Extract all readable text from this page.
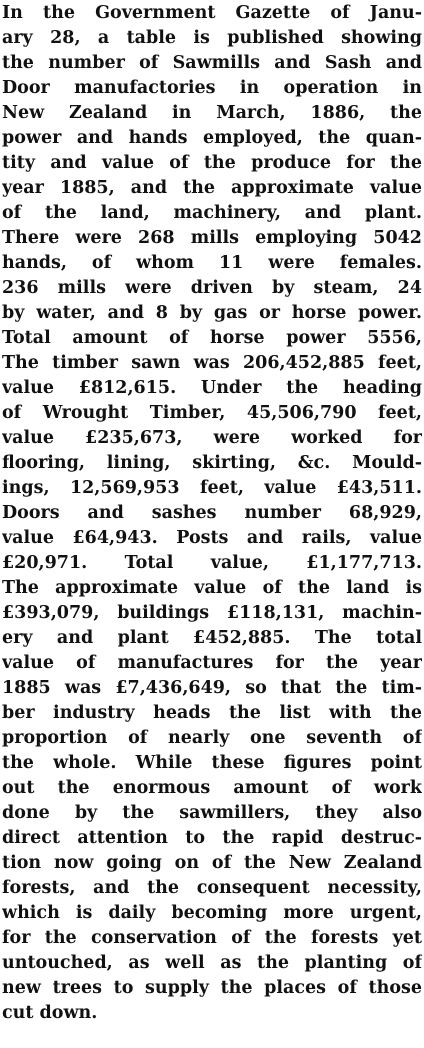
In the Government Gazette of Janu-
ary 28, a table is published showing
the number of Sawmills and Sash and
Door manufactories in operation in
New Zealand in March, 1886, the
power and hands employed, the quan-
tity and value of the produce for the
year 1885, and the approximate value
of the land, machinery, and plant.
There were 268 mills employing 5042
hands, of whom 11 were females.
236 mills were driven by steam, 24
by water, and 8 by gas or horse power.
Total amount of horse power 5556,
The timber sawn was 206,452,885 feet,
value £812,615. Under the heading
of Wrought Timber, 45,506,790 feet,
value £235,673, were worked for
flooring, lining, skirting, &c. Mould-
ings, 12,569,953 feet, value £43,511.
Doors and sashes number 68,929,
value £64,943. Posts and rails, value
£20,971. Total value, £1,177,713.
The approximate value of the land is
£393,079, buildings £118,131, machin-
ery and plant £452,885. The total
value of manufactures for the year
1885 was £7,436,649, so that the tim-
ber industry heads the list with the
proportion of nearly one seventh of
the whole. While these figures point
out the enormous amount of work
done by the sawmillers, they also
direct attention to the rapid destruc-
tion now going on of the New Zealand
forests, and the consequent necessity,
which is daily becoming more urgent,
for the conservation of the forests yet
untouched, as well as the planting of
new trees to supply the places of those
cut down.
